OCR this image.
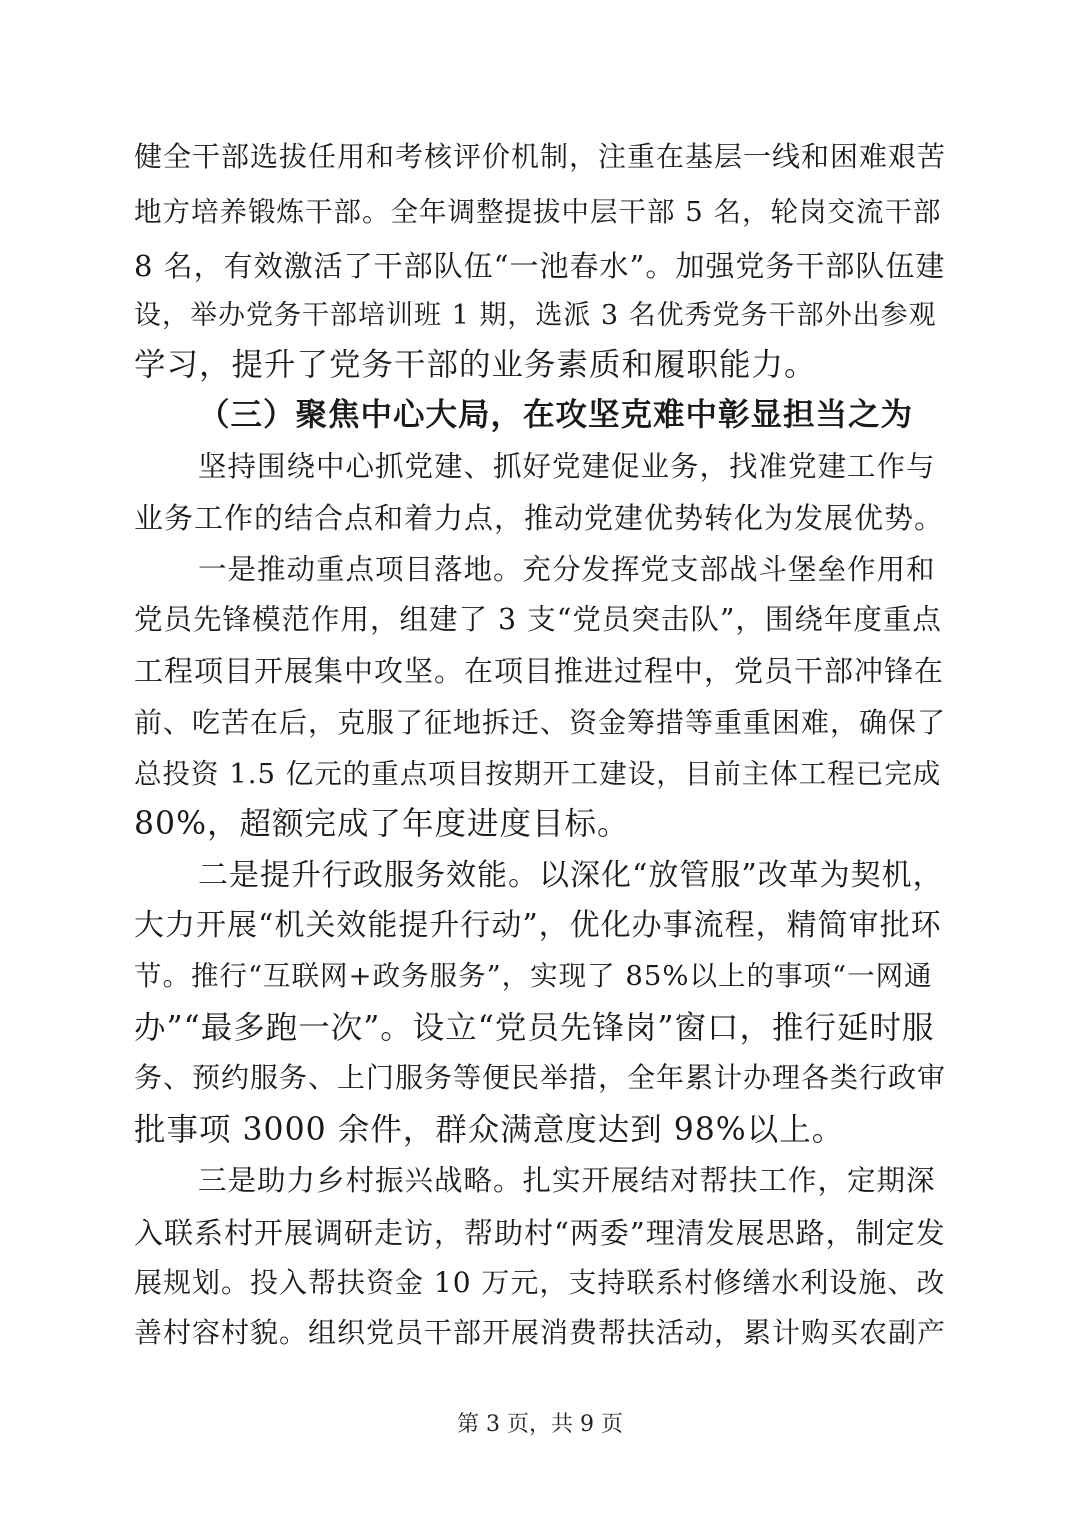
健全干部选拔任用和考核评价机制，注重在基层一线和困难艰苦
地方培养锻炼干部。全年调整提拔中层干部 5 名，轮岗交流干部
8 名，有效激活了干部队伍“一池春水”。加强党务干部队伍建
设，举办党务干部培训班 1 期，选派 3 名优秀党务干部外出参观
学习，提升了党务干部的业务素质和履职能力。
（三）聚焦中心大局，在攻坚克难中彰显担当之为
坚持围绕中心抓党建、抓好党建促业务，找准党建工作与
业务工作的结合点和着力点，推动党建优势转化为发展优势。
一是推动重点项目落地。充分发挥党支部战斗堡垒作用和
党员先锋模范作用，组建了 3 支“党员突击队”，围绕年度重点
工程项目开展集中攻坚。在项目推进过程中，党员干部冲锋在
前、吃苦在后，克服了征地拆迁、资金筹措等重重困难，确保了
总投资 1.5 亿元的重点项目按期开工建设，目前主体工程已完成
80%，超额完成了年度进度目标。
二是提升行政服务效能。以深化“放管服”改革为契机，
大力开展“机关效能提升行动”，优化办事流程，精简审批环
节。推行“互联网+政务服务”，实现了 85%以上的事项“一网通
办”“最多跑一次”。设立“党员先锋岗”窗口，推行延时服
务、预约服务、上门服务等便民举措，全年累计办理各类行政审
批事项 3000 余件，群众满意度达到 98%以上。
三是助力乡村振兴战略。扎实开展结对帮扶工作，定期深
入联系村开展调研走访，帮助村“两委”理清发展思路，制定发
展规划。投入帮扶资金 10 万元，支持联系村修缮水利设施、改
善村容村貌。组织党员干部开展消费帮扶活动，累计购买农副产
第 3 页，共 9 页
